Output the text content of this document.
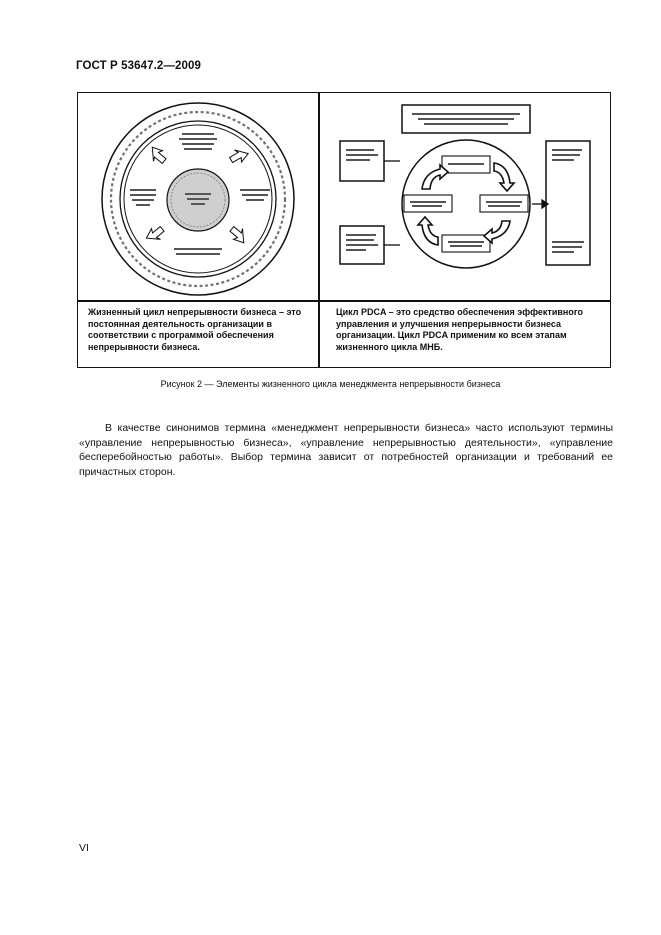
ГОСТ Р 53647.2—2009
Жизненный цикл непрерывности бизнеса – это постоянная деятельность организации в соответствии с программой обеспечения непрерывности бизнеса.
Цикл PDCA – это средство обеспечения эффективного управления и улучшения непрерывности бизнеса организации. Цикл PDCA применим ко всем этапам жизненного цикла МНБ.
Рисунок 2 — Элементы жизненного цикла менеджмента непрерывности бизнеса
В качестве синонимов термина «менеджмент непрерывности бизнеса» часто используют термины «управление непрерывностью бизнеса», «управление непрерывностью деятельности», «управление бесперебойностью работы». Выбор термина зависит от потребностей организации и требований ее причастных сторон.
VI
